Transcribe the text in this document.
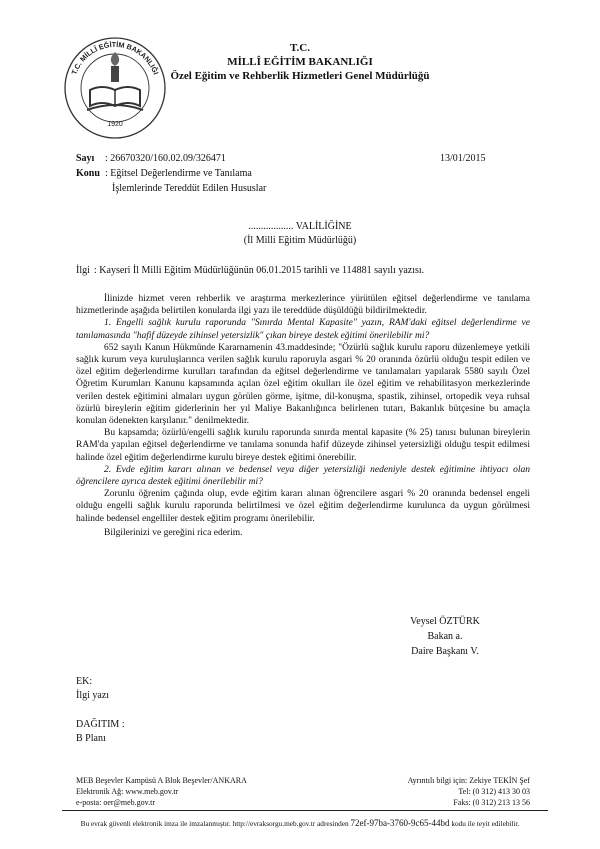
T.C. MİLLÎ EĞİTİM BAKANLIĞI
1920
T.C.
MİLLÎ EĞİTİM BAKANLIĞI
Özel Eğitim ve Rehberlik Hizmetleri Genel Müdürlüğü
Sayı : 26670320/160.02.09/326471	13/01/2015
Konu : Eğitsel Değerlendirme ve Tanılama
İşlemlerinde Tereddüt Edilen Hususlar
.................. VALİLİĞİNE
(İl Milli Eğitim Müdürlüğü)
İlgi : Kayseri İl Milli Eğitim Müdürlüğünün 06.01.2015 tarihli ve 114881 sayılı yazısı.

İlinizde hizmet veren rehberlik ve araştırma merkezlerince yürütülen eğitsel değerlendirme ve tanılama hizmetlerinde aşağıda belirtilen konularda ilgi yazı ile tereddüde düşüldüğü bildirilmektedir.

1. Engelli sağlık kurulu raporunda "Sınırda Mental Kapasite" yazın, RAM'daki eğitsel değerlendirme ve tanılamasında "hafif düzeyde zihinsel yetersizlik" çıkan bireye destek eğitimi önerilebilir mi?

652 sayılı Kanun Hükmünde Kararnamenin 43.maddesinde; "Özürlü sağlık kurulu raporu düzenlemeye yetkili sağlık kurum veya kuruluşlarınca verilen sağlık kurulu raporuyla asgari % 20 oranında özürlü olduğu tespit edilen ve özel eğitim değerlendirme kurulları tarafından da eğitsel değerlendirme ve tanılamaları yapılarak 5580 sayılı Özel Öğretim Kurumları Kanunu kapsamında açılan özel eğitim okulları ile özel eğitim ve rehabilitasyon merkezlerinde verilen destek eğitimini almaları uygun görülen görme, işitme, dil-konuşma, spastik, zihinsel, ortopedik veya ruhsal özürlü bireylerin eğitim giderlerinin her yıl Maliye Bakanlığınca belirlenen tutarı, Bakanlık bütçesine bu amaçla konulan ödenekten karşılanır." denilmektedir.

Bu kapsamda; özürlü/engelli sağlık kurulu raporunda sınırda mental kapasite (% 25) tanısı bulunan bireylerin RAM'da yapılan eğitsel değerlendirme ve tanılama sonunda hafif düzeyde zihinsel yetersizliği olduğu tespit edilmesi halinde özel eğitim değerlendirme kurulu bireye destek eğitimi önerebilir.

2. Evde eğitim kararı alınan ve bedensel veya diğer yetersizliği nedeniyle destek eğitimine ihtiyacı olan öğrencilere ayrıca destek eğitimi önerilebilir mi?

Zorunlu öğrenim çağında olup, evde eğitim kararı alınan öğrencilere asgari % 20 oranında bedensel engeli olduğu engelli sağlık kurulu raporunda belirtilmesi ve özel eğitim değerlendirme kurulunca da uygun görülmesi halinde bedensel engelliler destek eğitim programı önerilebilir.

Bilgilerinizi ve gereğini rica ederim.

Veysel ÖZTÜRK
Bakan a.
Daire Başkanı V.
EK:
İlgi yazı
DAĞITIM :
B Planı
MEB Beşevler Kampüsü A Blok Beşevler/ANKARA
Elektronik Ağ: www.meb.gov.tr
e-posta: oer@meb.gov.tr
Ayrıntılı bilgi için: Zekiye TEKİN Şef
Tel: (0 312) 413 30 03
Faks: (0 312) 213 13 56
Bu evrak güvenli elektronik imza ile imzalanmıştır. http://evraksorgu.meb.gov.tr adresinden 72ef-97ba-3760-9c65-44bd kodu ile teyit edilebilir.
